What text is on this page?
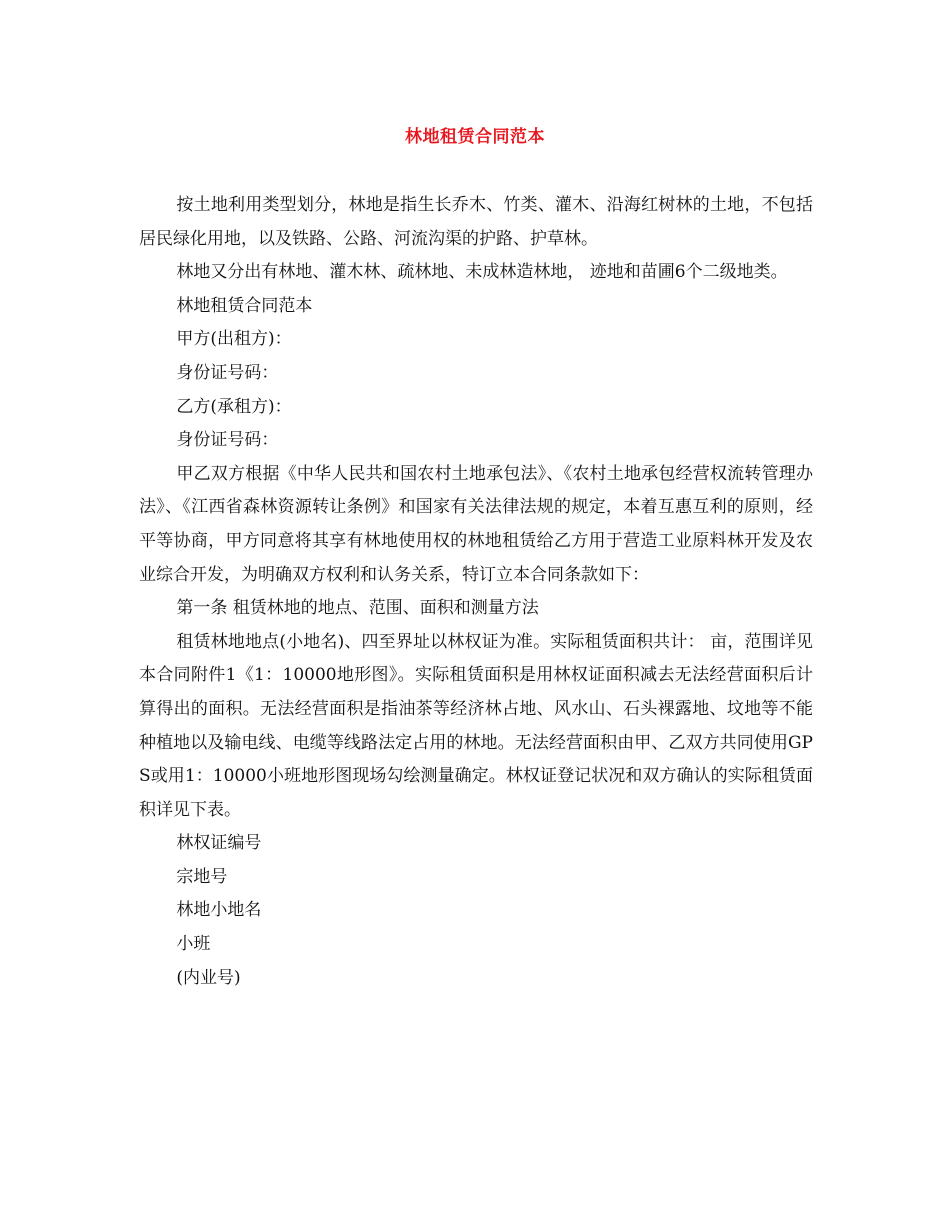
林地租赁合同范本

按土地利用类型划分，林地是指生长乔木、竹类、灌木、沿海红树林的土地，不包括居民绿化用地，以及铁路、公路、河流沟渠的护路、护草林。

林地又分出有林地、灌木林、疏林地、未成林造林地， 迹地和苗圃6个二级地类。

林地租赁合同范本

甲方(出租方)：

身份证号码：

乙方(承租方)：

身份证号码：

甲乙双方根据《中华人民共和国农村土地承包法》、《农村土地承包经营权流转管理办法》、《江西省森林资源转让条例》和国家有关法律法规的规定，本着互惠互利的原则，经平等协商，甲方同意将其享有林地使用权的林地租赁给乙方用于营造工业原料林开发及农业综合开发，为明确双方权利和认务关系，特订立本合同条款如下：

第一条 租赁林地的地点、范围、面积和测量方法

租赁林地地点(小地名)、四至界址以林权证为准。实际租赁面积共计： 亩，范围详见本合同附件1《1：10000地形图》。实际租赁面积是用林权证面积减去无法经营面积后计算得出的面积。无法经营面积是指油茶等经济林占地、风水山、石头裸露地、坟地等不能种植地以及输电线、电缆等线路法定占用的林地。无法经营面积由甲、乙双方共同使用GPS或用1：10000小班地形图现场勾绘测量确定。林权证登记状况和双方确认的实际租赁面积详见下表。

林权证编号

宗地号

林地小地名

小班

(内业号)
